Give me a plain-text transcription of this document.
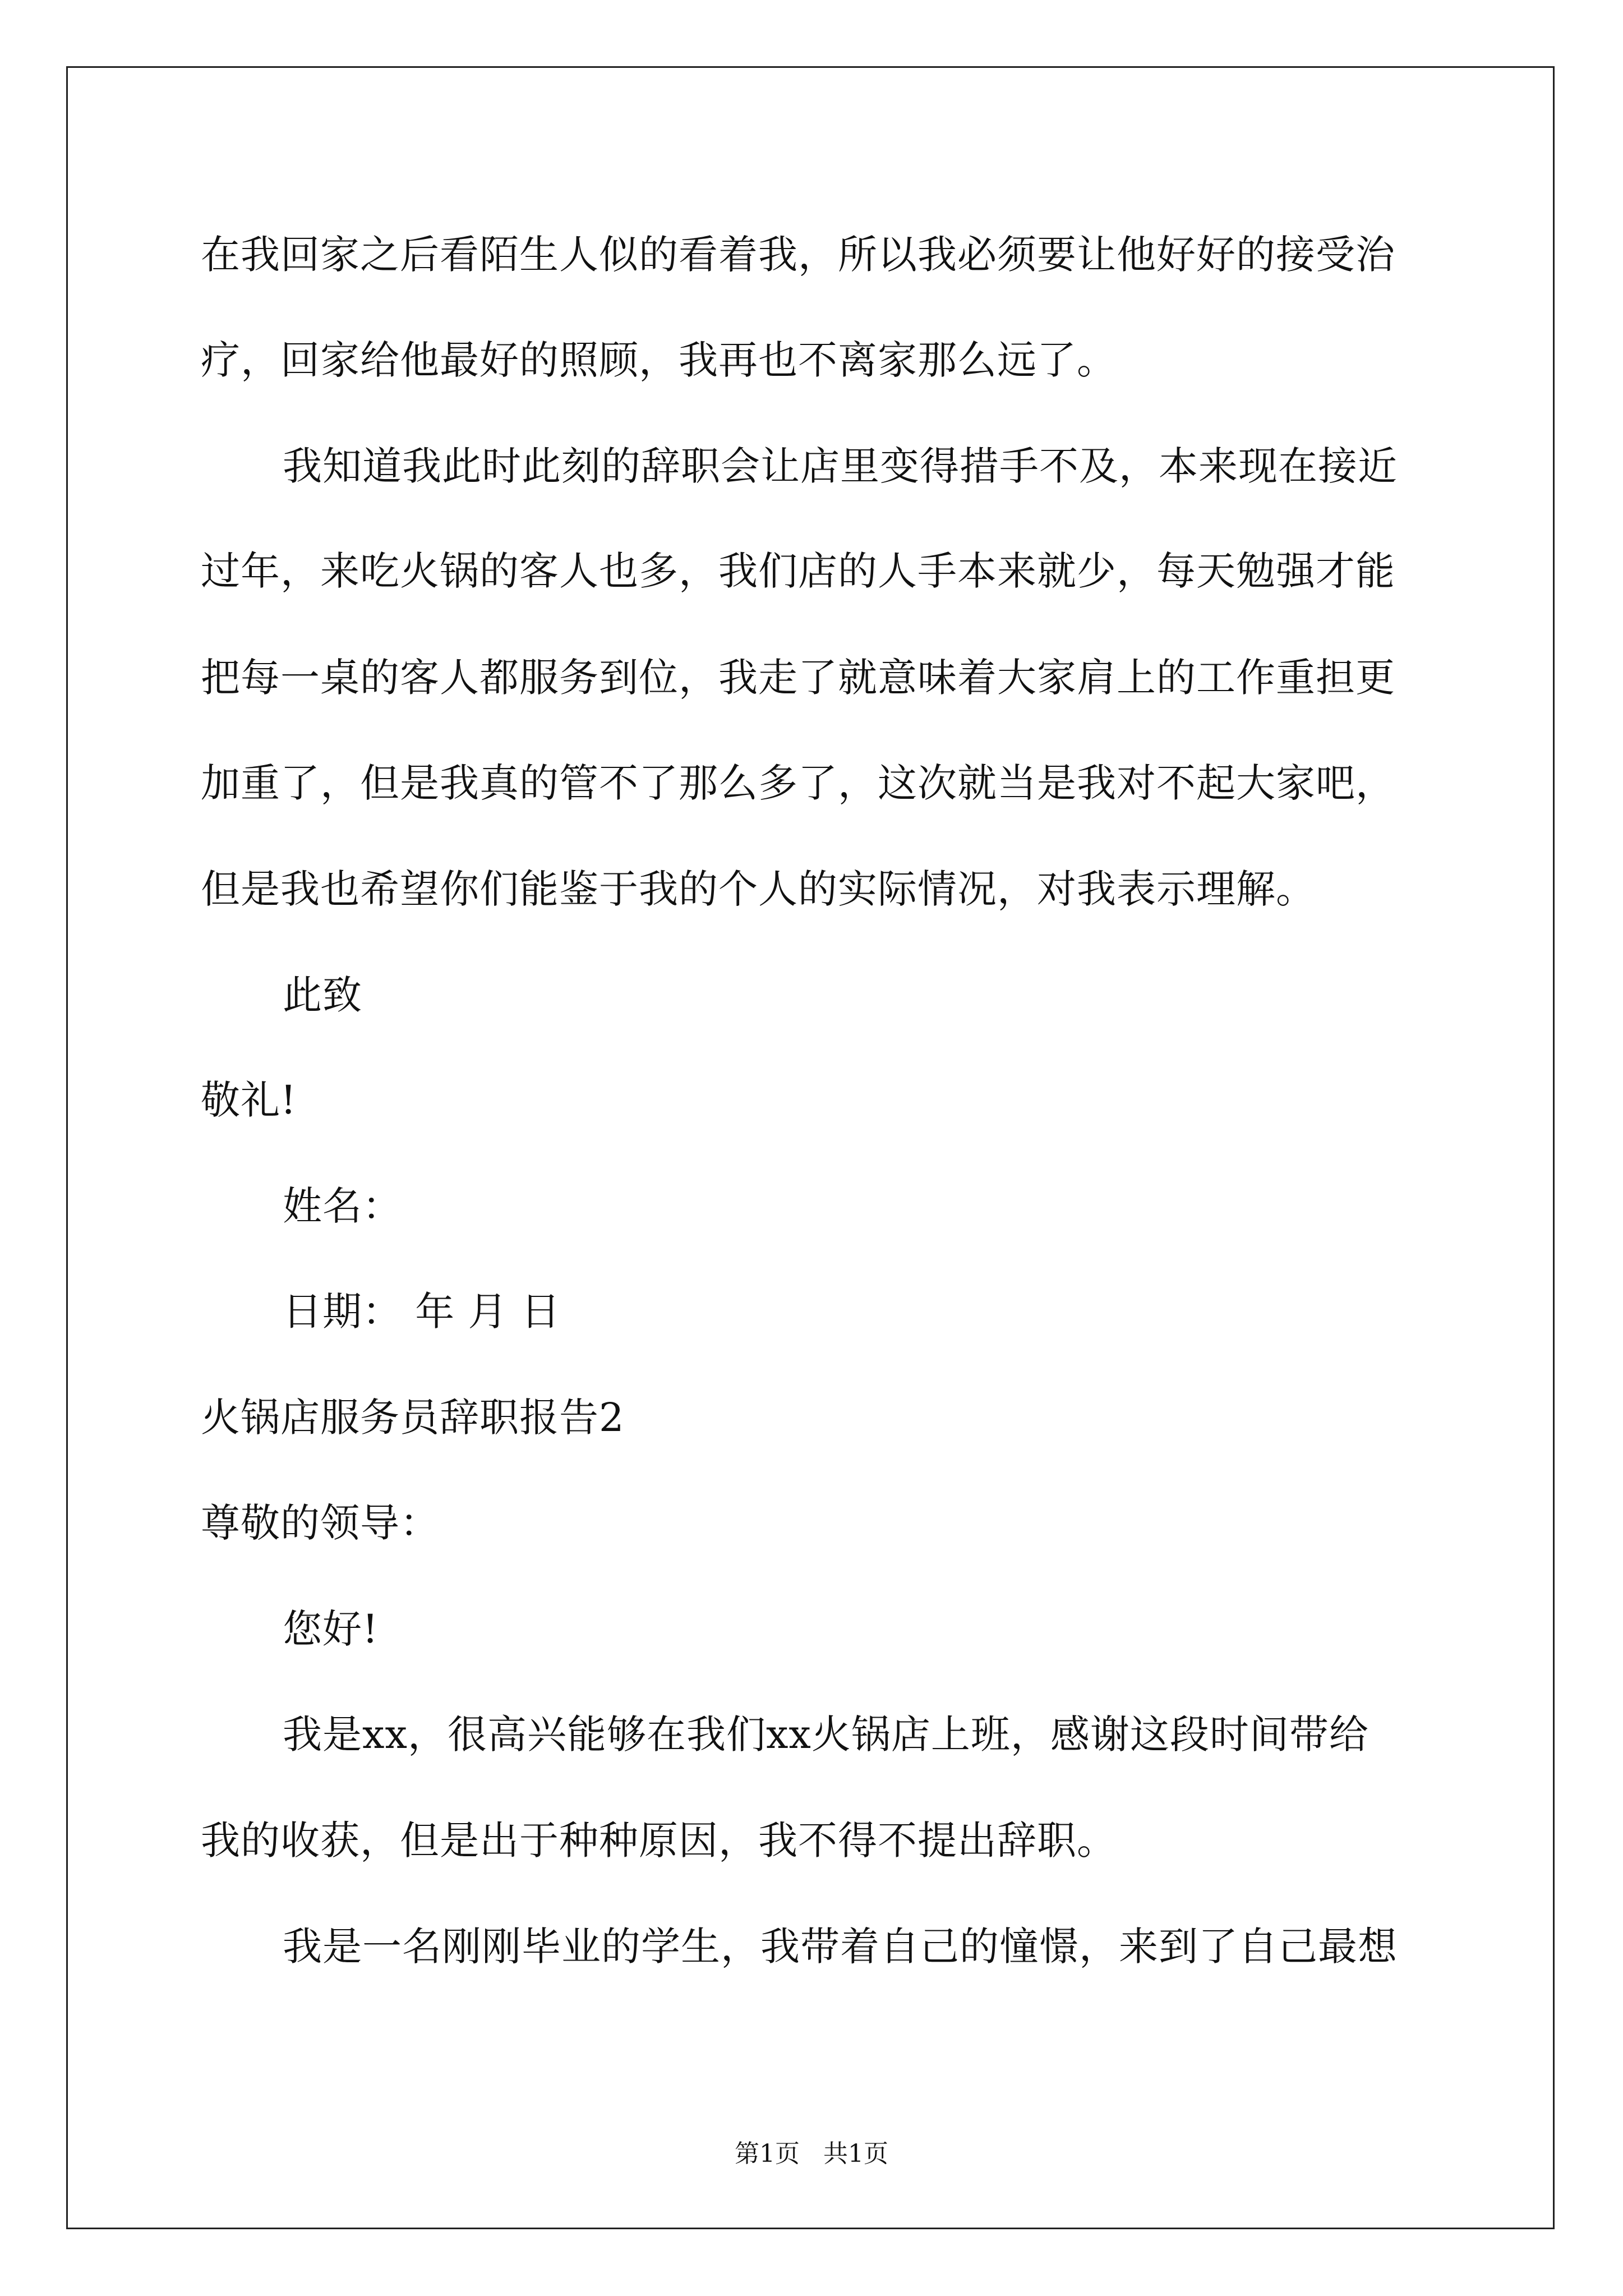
在我回家之后看陌生人似的看着我，所以我必须要让他好好的接受治
疗，回家给他最好的照顾，我再也不离家那么远了。
我知道我此时此刻的辞职会让店里变得措手不及，本来现在接近
过年，来吃火锅的客人也多，我们店的人手本来就少，每天勉强才能
把每一桌的客人都服务到位，我走了就意味着大家肩上的工作重担更
加重了，但是我真的管不了那么多了，这次就当是我对不起大家吧，
但是我也希望你们能鉴于我的个人的实际情况，对我表示理解。
此致
敬礼!
姓名：
日期： 年 月 日
火锅店服务员辞职报告2
尊敬的领导：
您好!
我是xx，很高兴能够在我们xx火锅店上班，感谢这段时间带给
我的收获，但是出于种种原因，我不得不提出辞职。
我是一名刚刚毕业的学生，我带着自己的憧憬，来到了自己最想
第1页   共1页
